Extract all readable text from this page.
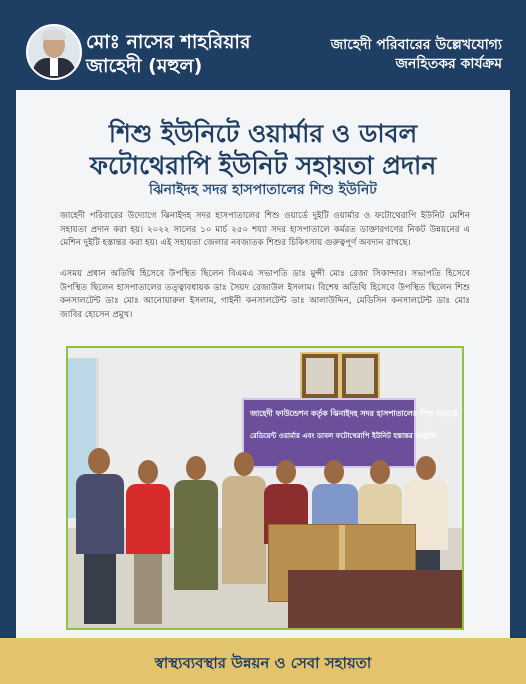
মোঃ নাসের শাহরিয়ার
জাহেদী (মহুল)
জাহেদী পরিবারের উল্লেখযোগ্য
জনহিতকর কার্যক্রম
শিশু ইউনিটে ওয়ার্মার ও ডাবল
ফটোথেরাপি ইউনিট সহায়তা প্রদান
ঝিনাইদহ সদর হাসপাতালের শিশু ইউনিট
জাহেদী পরিবারের উদ্যোগে ঝিনাইদহ সদর হাসপাতালের শিশু ওয়ার্ডে দুইটি ওয়ার্মার ও ফটোথেরাপি ইউনিট মেশিন সহায়তা প্রদান করা হয়। ২০২২ সালের ১০ মার্চ ২৫০ শয্যা সদর হাসপাতালে কর্মরত ডাক্তারগণের নিকট উন্নয়নের এ মেশিন দুইটি হস্তান্তর করা হয়। এই সহায়তা জেলার নবজাতক শিশুর চিকিৎসায় গুরুত্বপূর্ণ অবদান রাখছে।
এসময় প্রধান অতিথি হিসেবে উপস্থিত ছিলেন বিএমএ সভাপতি ডাঃ মুন্সী মোঃ রেজা সিকান্দার। সভাপতি হিসেবে উপস্থিত ছিলেন হাসপাতালের তত্ত্বাবধায়ক ডাঃ সৈয়দ রেজাউল ইসলাম। বিশেষ অতিথি হিসেবে উপস্থিত ছিলেন শিশু কনসালটেন্ট ডাঃ মোঃ আনোয়ারুল ইসলাম, গাইনী কনসালটেন্ট ডাঃ আলাউদ্দিন, মেডিসিন কনসালটেন্ট ডাঃ মোঃ জাবির হোসেন প্রমুখ।
জাহেদী ফাউন্ডেশন কর্তৃক ঝিনাইদহ সদর হাসপাতালের শিশু ওয়ার্ডে
রেডিয়েন্ট ওয়ার্মার এবং ডাবল ফটোথেরাপি ইউনিট হস্তান্তর অনুষ্ঠান
স্বাস্থ্যব্যবস্থার উন্নয়ন ও সেবা সহায়তা
